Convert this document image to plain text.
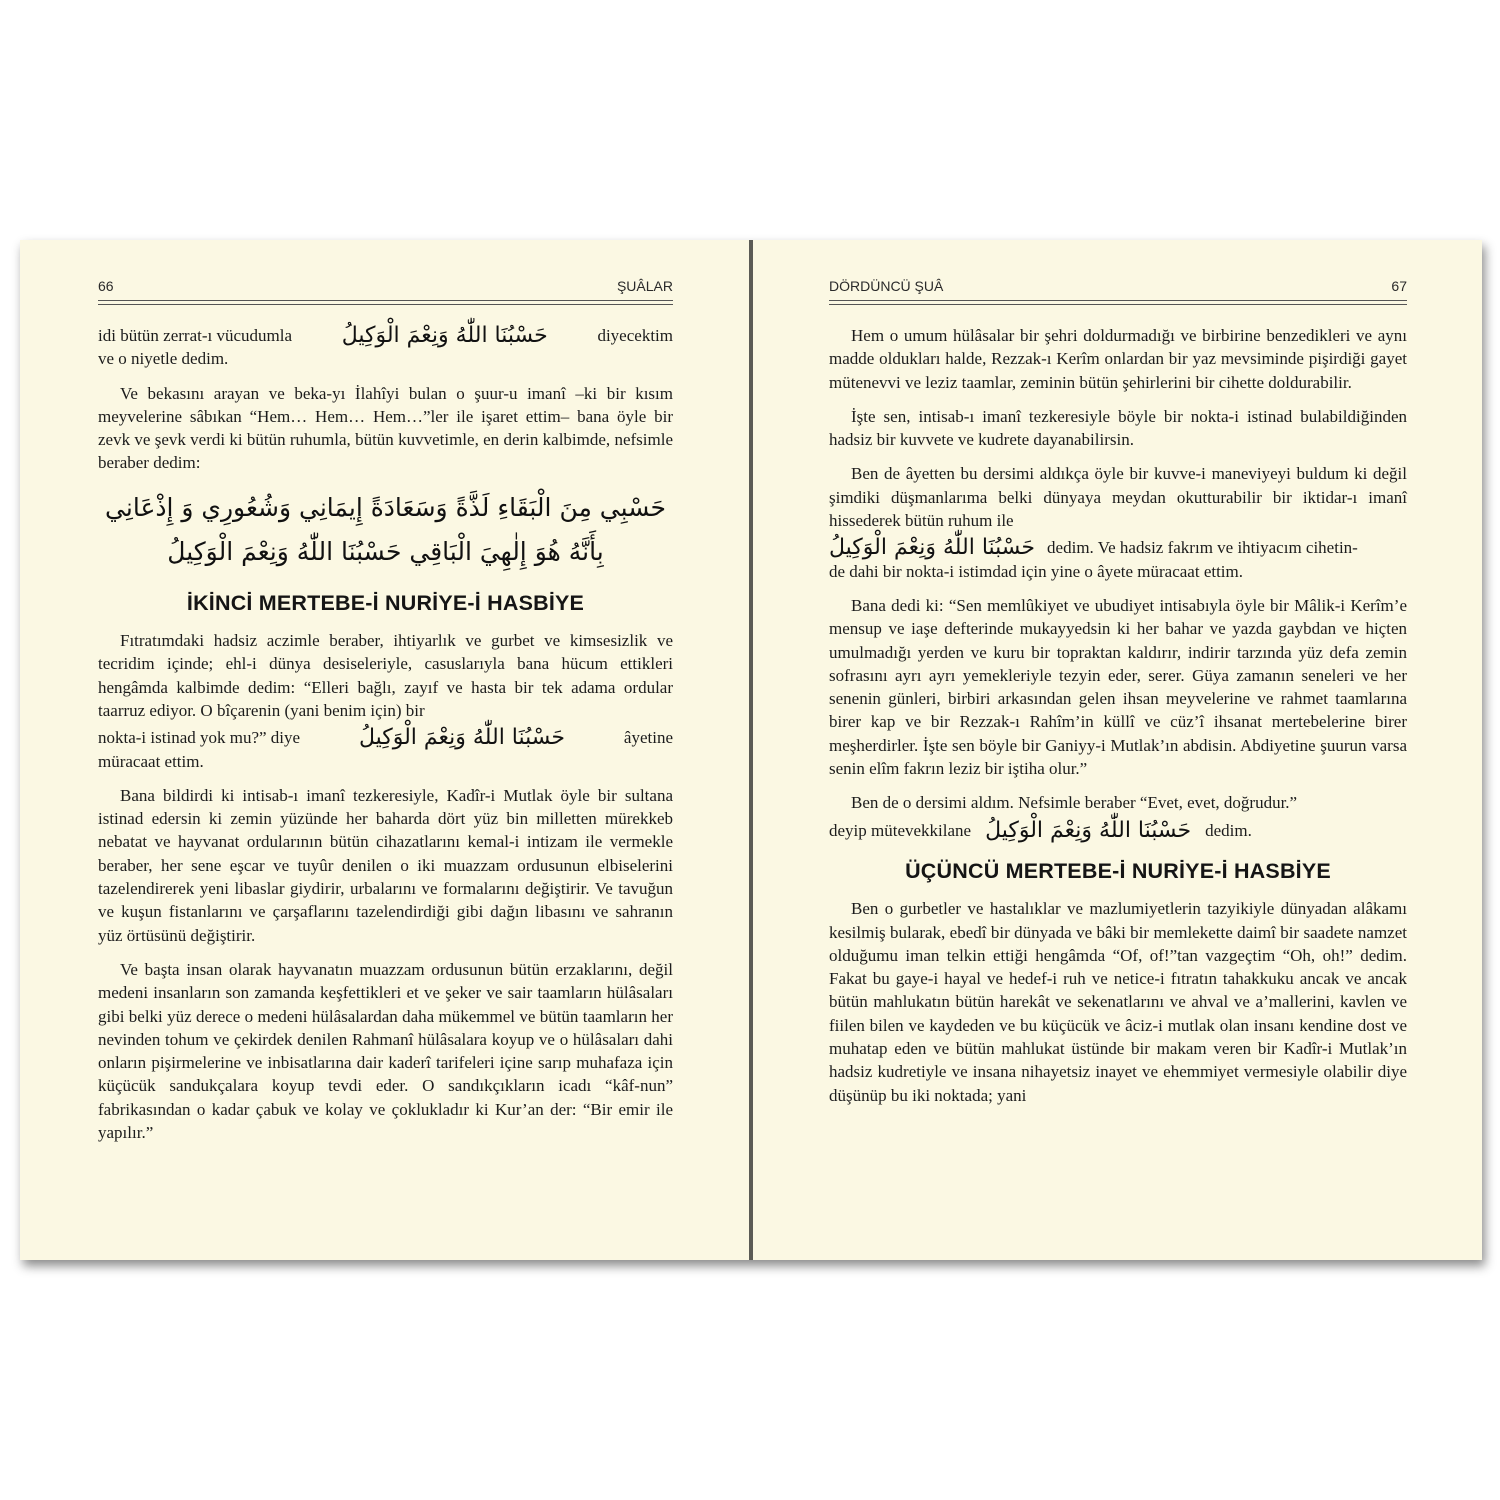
66	ŞUÂLAR
idi bütün zerrat-ı vücudumla حَسْبُنَا اللّٰهُ وَنِعْمَ الْوَكِيلُ	diyecektim

ve o niyetle dedim.

Ve bekasını arayan ve beka-yı İlahîyi bulan o şuur-u imanî –ki bir kısım meyvelerine sâbıkan “Hem… Hem… Hem…”ler ile işaret ettim– bana öyle bir zevk ve şevk verdi ki bütün ruhumla, bütün kuvvetimle, en derin kalbimde, nefsimle beraber dedim:

حَسْبِي مِنَ الْبَقَاءِ لَذَّةً وَسَعَادَةً إِيمَانِي وَشُعُورِي وَ إِذْعَانِي
بِأَنَّهُ هُوَ إِلٰهِيَ الْبَاقِي حَسْبُنَا اللّٰهُ وَنِعْمَ الْوَكِيلُ
İKİNCİ MERTEBE-İ NURİYE-İ HASBİYE

Fıtratımdaki hadsiz aczimle beraber, ihtiyarlık ve gurbet ve kimsesizlik ve tecridim içinde; ehl-i dünya desiseleriyle, casuslarıyla bana hücum ettikleri hengâmda kalbimde dedim: “Elleri bağlı, zayıf ve hasta bir tek adama ordular taarruz ediyor. O bîçarenin (yani benim için) bir

nokta-i istinad yok mu?” diye	حَسْبُنَا اللّٰهُ وَنِعْمَ الْوَكِيلُ	âyetine

müracaat ettim.

Bana bildirdi ki intisab-ı imanî tezkeresiyle, Kadîr-i Mutlak öyle bir sultana istinad edersin ki zemin yüzünde her baharda dört yüz bin milletten mürekkeb nebatat ve hayvanat ordularının bütün cihazatlarını kemal-i intizam ile vermekle beraber, her sene eşcar ve tuyûr denilen o iki muazzam ordusunun elbiselerini tazelendirerek yeni libaslar giydirir, urbalarını ve formalarını değiştirir. Ve tavuğun ve kuşun fistanlarını ve çarşaflarını tazelendirdiği gibi dağın libasını ve sahranın yüz örtüsünü değiştirir.

Ve başta insan olarak hayvanatın muazzam ordusunun bütün erzaklarını, değil medeni insanların son zamanda keşfettikleri et ve şeker ve sair taamların hülâsaları gibi belki yüz derece o medeni hülâsalardan daha mükemmel ve bütün taamların her nevinden tohum ve çekirdek denilen Rahmanî hülâsalara koyup ve o hülâsaları dahi onların pişirmelerine ve inbisatlarına dair kaderî tarifeleri içine sarıp muhafaza için küçücük sandukçalara koyup tevdi eder. O sandıkçıkların icadı “kâf-nun” fabrikasından o kadar çabuk ve kolay ve çoklukladır ki Kur’an der: “Bir emir ile yapılır.”

DÖRDÜNCÜ ŞUÂ	67

Hem o umum hülâsalar bir şehri doldurmadığı ve birbirine benzedikleri ve aynı madde oldukları halde, Rezzak-ı Kerîm onlardan bir yaz mevsiminde pişirdiği gayet mütenevvi ve leziz taamlar, zeminin bütün şehirlerini bir cihette doldurabilir.

İşte sen, intisab-ı imanî tezkeresiyle böyle bir nokta-i istinad bulabildiğinden hadsiz bir kuvvete ve kudrete dayanabilirsin.

Ben de âyetten bu dersimi aldıkça öyle bir kuvve-i maneviyeyi buldum ki değil şimdiki düşmanlarıma belki dünyaya meydan okutturabilir bir iktidar-ı imanî hissederek bütün ruhum ile

حَسْبُنَا اللّٰهُ وَنِعْمَ الْوَكِيلُ dedim. Ve hadsiz fakrım ve ihtiyacım cihetin-

de dahi bir nokta-i istimdad için yine o âyete müracaat ettim.

Bana dedi ki: “Sen memlûkiyet ve ubudiyet intisabıyla öyle bir Mâlik-i Kerîm’e mensup ve iaşe defterinde mukayyedsin ki her bahar ve yazda gaybdan ve hiçten umulmadığı yerden ve kuru bir topraktan kaldırır, indirir tarzında yüz defa zemin sofrasını ayrı ayrı yemekleriyle tezyin eder, serer. Güya zamanın seneleri ve her senenin günleri, birbiri arkasından gelen ihsan meyvelerine ve rahmet taamlarına birer kap ve bir Rezzak-ı Rahîm’in küllî ve cüz’î ihsanat mertebelerine birer meşherdirler. İşte sen böyle bir Ganiyy-i Mutlak’ın abdisin. Abdiyetine şuurun varsa senin elîm fakrın leziz bir iştiha olur.”

Ben de o dersimi aldım. Nefsimle beraber “Evet, evet, doğrudur.”

deyip mütevekkilane حَسْبُنَا اللّٰهُ وَنِعْمَ الْوَكِيلُ dedim.
ÜÇÜNCÜ MERTEBE-İ NURİYE-İ HASBİYE

Ben o gurbetler ve hastalıklar ve mazlumiyetlerin tazyikiyle dünyadan alâkamı kesilmiş bularak, ebedî bir dünyada ve bâki bir memlekette daimî bir saadete namzet olduğumu iman telkin ettiği hengâmda “Of, of!”tan vazgeçtim “Oh, oh!” dedim. Fakat bu gaye-i hayal ve hedef-i ruh ve netice-i fıtratın tahakkuku ancak ve ancak bütün mahlukatın bütün harekât ve sekenatlarını ve ahval ve a’mallerini, kavlen ve fiilen bilen ve kaydeden ve bu küçücük ve âciz-i mutlak olan insanı kendine dost ve muhatap eden ve bütün mahlukat üstünde bir makam veren bir Kadîr-i Mutlak’ın hadsiz kudretiyle ve insana nihayetsiz inayet ve ehemmiyet vermesiyle olabilir diye düşünüp bu iki noktada; yani
